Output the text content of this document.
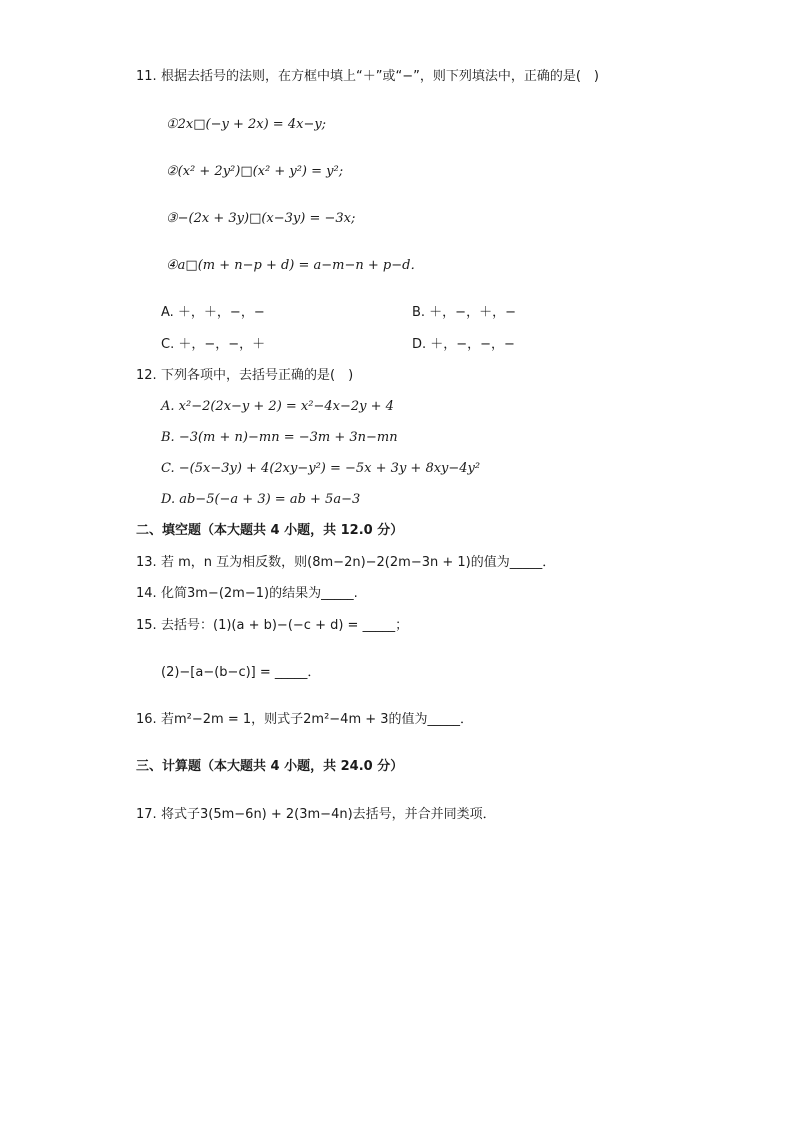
11. 根据去括号的法则，在方框中填上“＋”或“−”，则下列填法中，正确的是(　)
①2x□(−y + 2x) = 4x−y;
②(x² + 2y²)□(x² + y²) = y²;
③−(2x + 3y)□(x−3y) = −3x;
④a□(m + n−p + d) = a−m−n + p−d．
A. ＋，＋，−，−	B. ＋，−，＋，−
C. ＋，−，−，＋	D. ＋，−，−，−
12. 下列各项中，去括号正确的是(　)
A. x²−2(2x−y + 2) = x²−4x−2y + 4
B. −3(m + n)−mn = −3m + 3n−mn
C. −(5x−3y) + 4(2xy−y²) = −5x + 3y + 8xy−4y²
D. ab−5(−a + 3) = ab + 5a−3
二、填空题（本大题共 4 小题，共 12.0 分）
13. 若 m，n 互为相反数，则(8m−2n)−2(2m−3n + 1)的值为_____．
14. 化简3m−(2m−1)的结果为_____.
15. 去括号：(1)(a + b)−(−c + d) = _____；
(2)−[a−(b−c)] = _____．
16. 若m²−2m = 1，则式子2m²−4m + 3的值为_____．
三、计算题（本大题共 4 小题，共 24.0 分）
17. 将式子3(5m−6n) + 2(3m−4n)去括号，并合并同类项．
